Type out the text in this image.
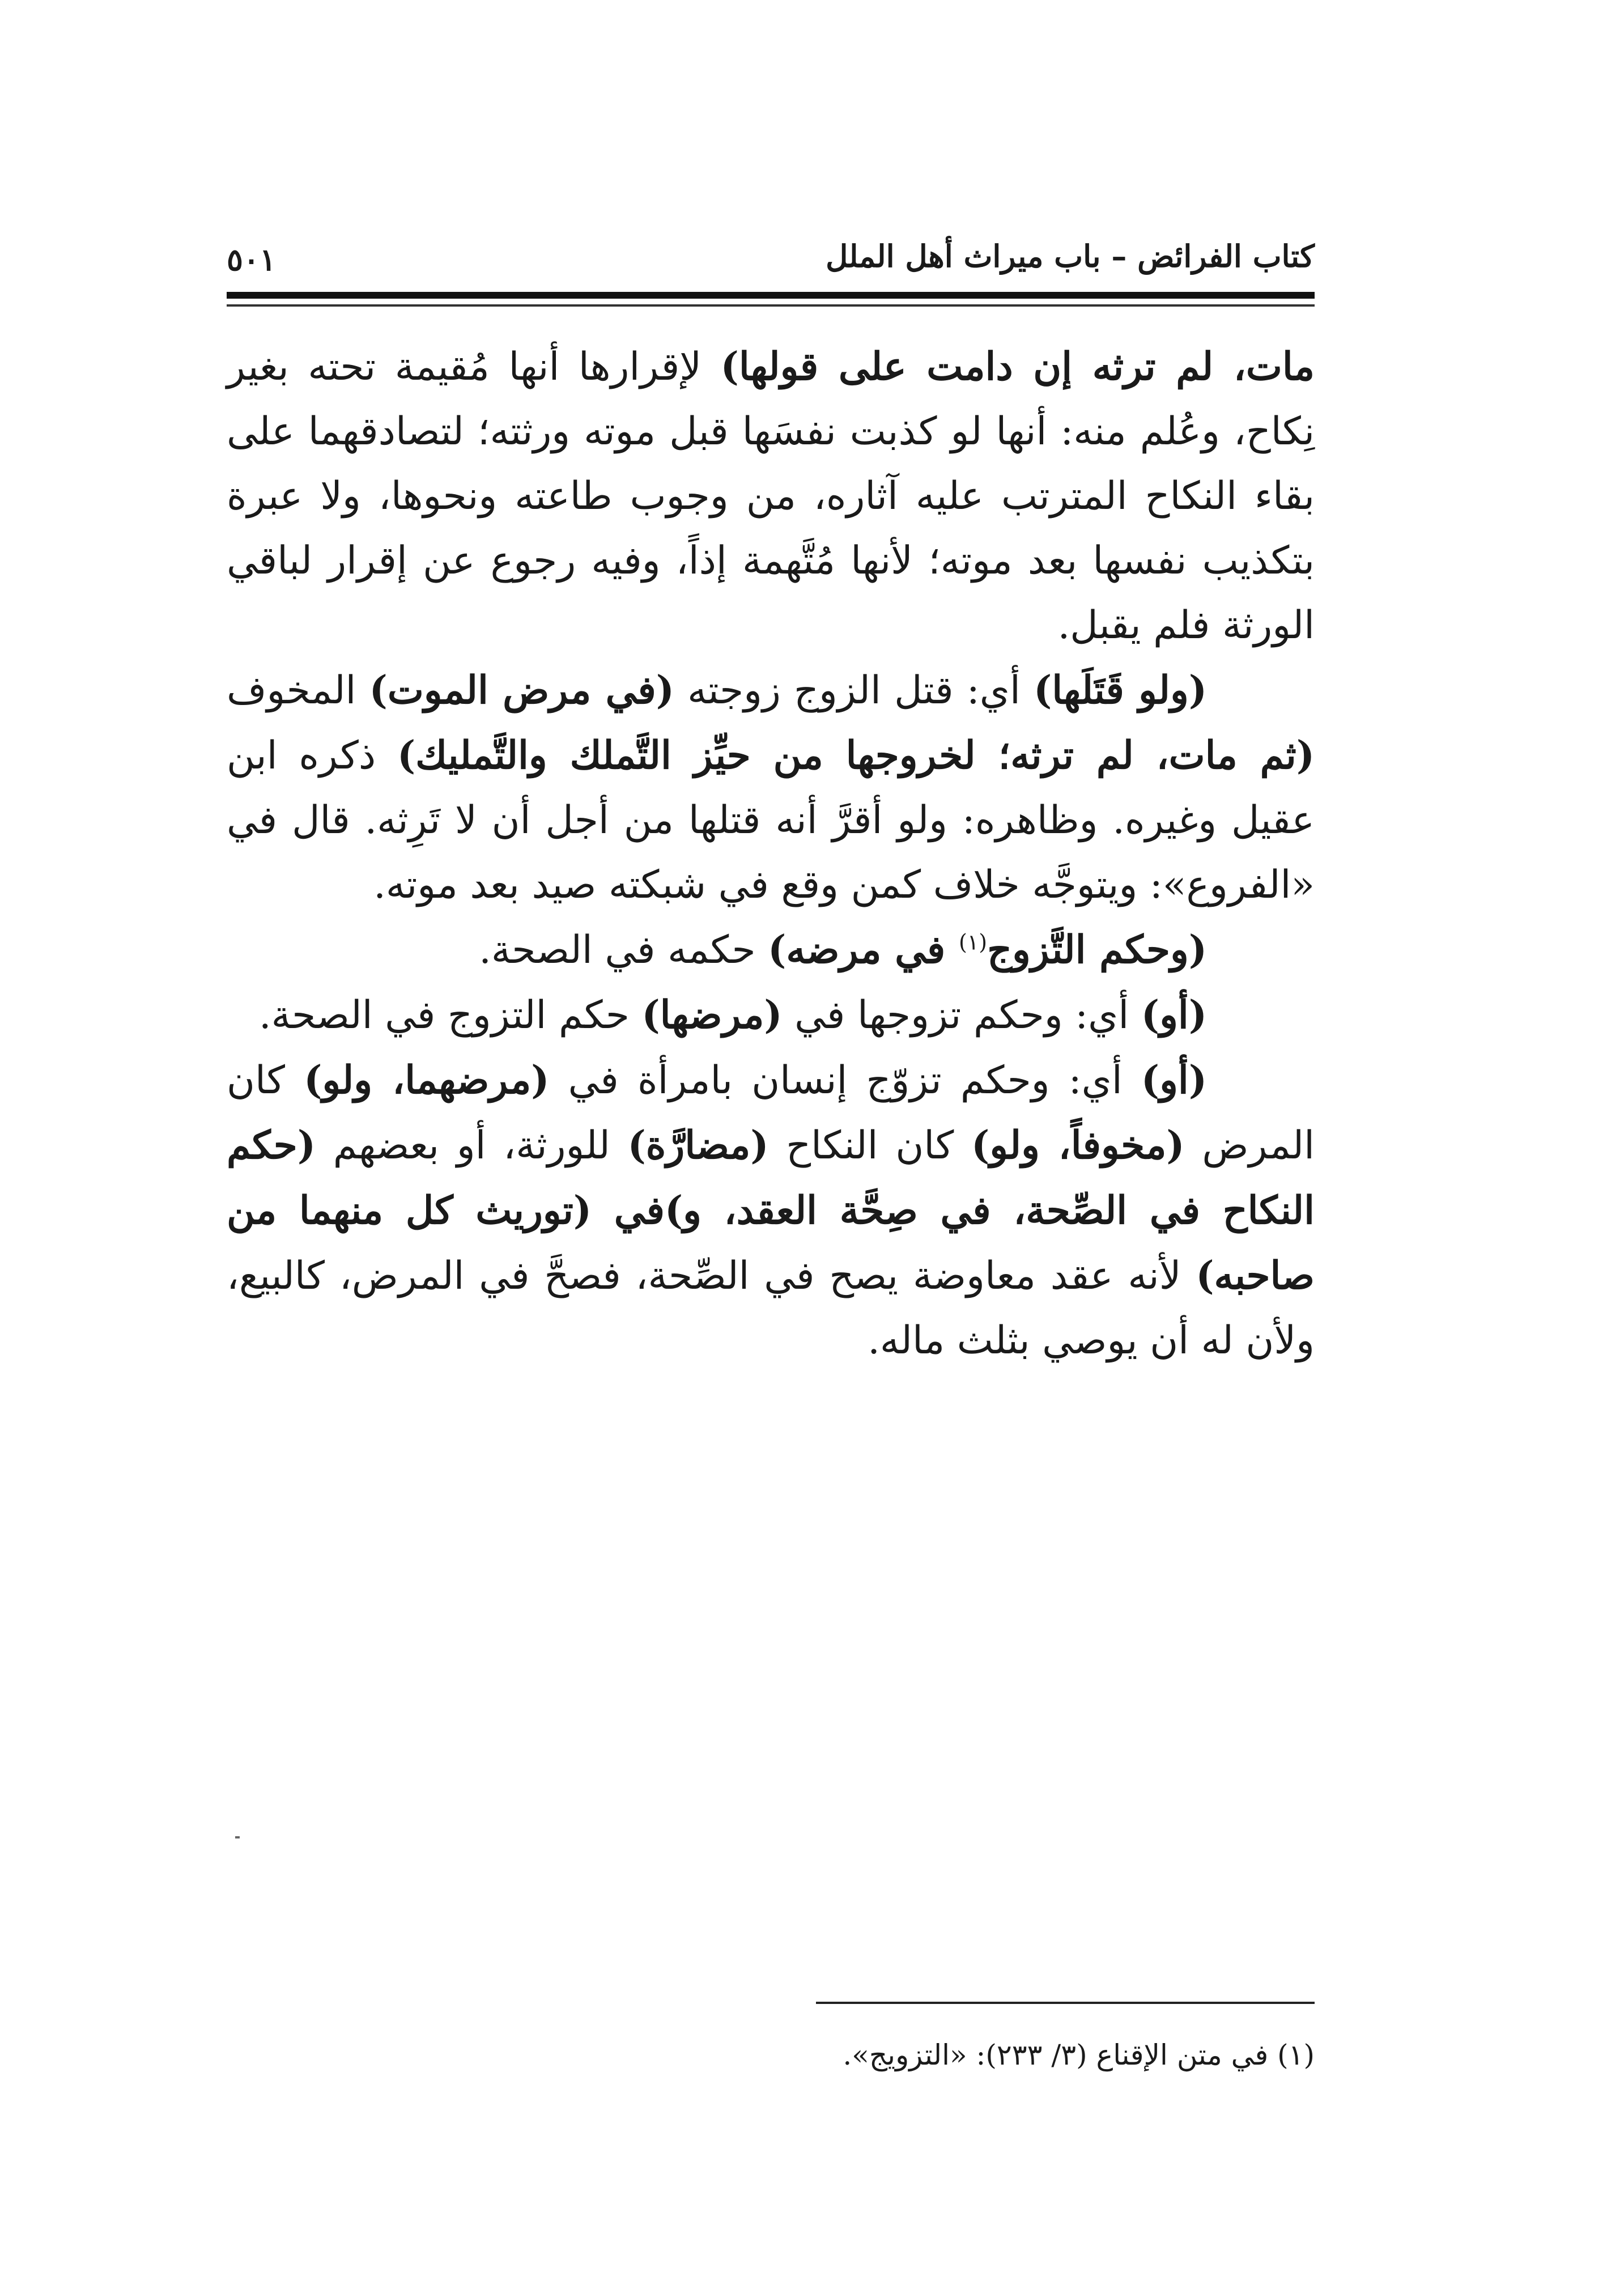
كتاب الفرائض – باب ميراث أهل الملل
٥٠١

مات، لم ترثه إن دامت على قولها) لإقرارها أنها مُقيمة تحته بغير نِكاح، وعُلم منه: أنها لو كذبت نفسَها قبل موته ورثته؛ لتصادقهما على بقاء النكاح المترتب عليه آثاره، من وجوب طاعته ونحوها، ولا عبرة بتكذيب نفسها بعد موته؛ لأنها مُتَّهمة إذاً، وفيه رجوع عن إقرار لباقي الورثة فلم يقبل.

(ولو قَتَلَها) أي: قتل الزوج زوجته (في مرض الموت) المخوف (ثم مات، لم ترثه؛ لخروجها من حيِّز التَّملك والتَّمليك) ذكره ابن عقيل وغيره. وظاهره: ولو أقرَّ أنه قتلها من أجل أن لا تَرِثه. قال في «الفروع»: ويتوجَّه خلاف كمن وقع في شبكته صيد بعد موته.

(وحكم التَّزوج$^{(١)}$ في مرضه) حكمه في الصحة.

(أو) أي: وحكم تزوجها في (مرضها) حكم التزوج في الصحة.

(أو) أي: وحكم تزوّج إنسان بامرأة في (مرضهما، ولو) كان المرض (مخوفاً، ولو) كان النكاح (مضارَّة) للورثة، أو بعضهم (حكم النكاح في الصِّحة، في صِحَّة العقد، و)في (توريث كل منهما من صاحبه) لأنه عقد معاوضة يصح في الصِّحة، فصحَّ في المرض، كالبيع، ولأن له أن يوصي بثلث ماله.

(١) في متن الإقناع (٣/ ٢٣٣): «التزويج».
